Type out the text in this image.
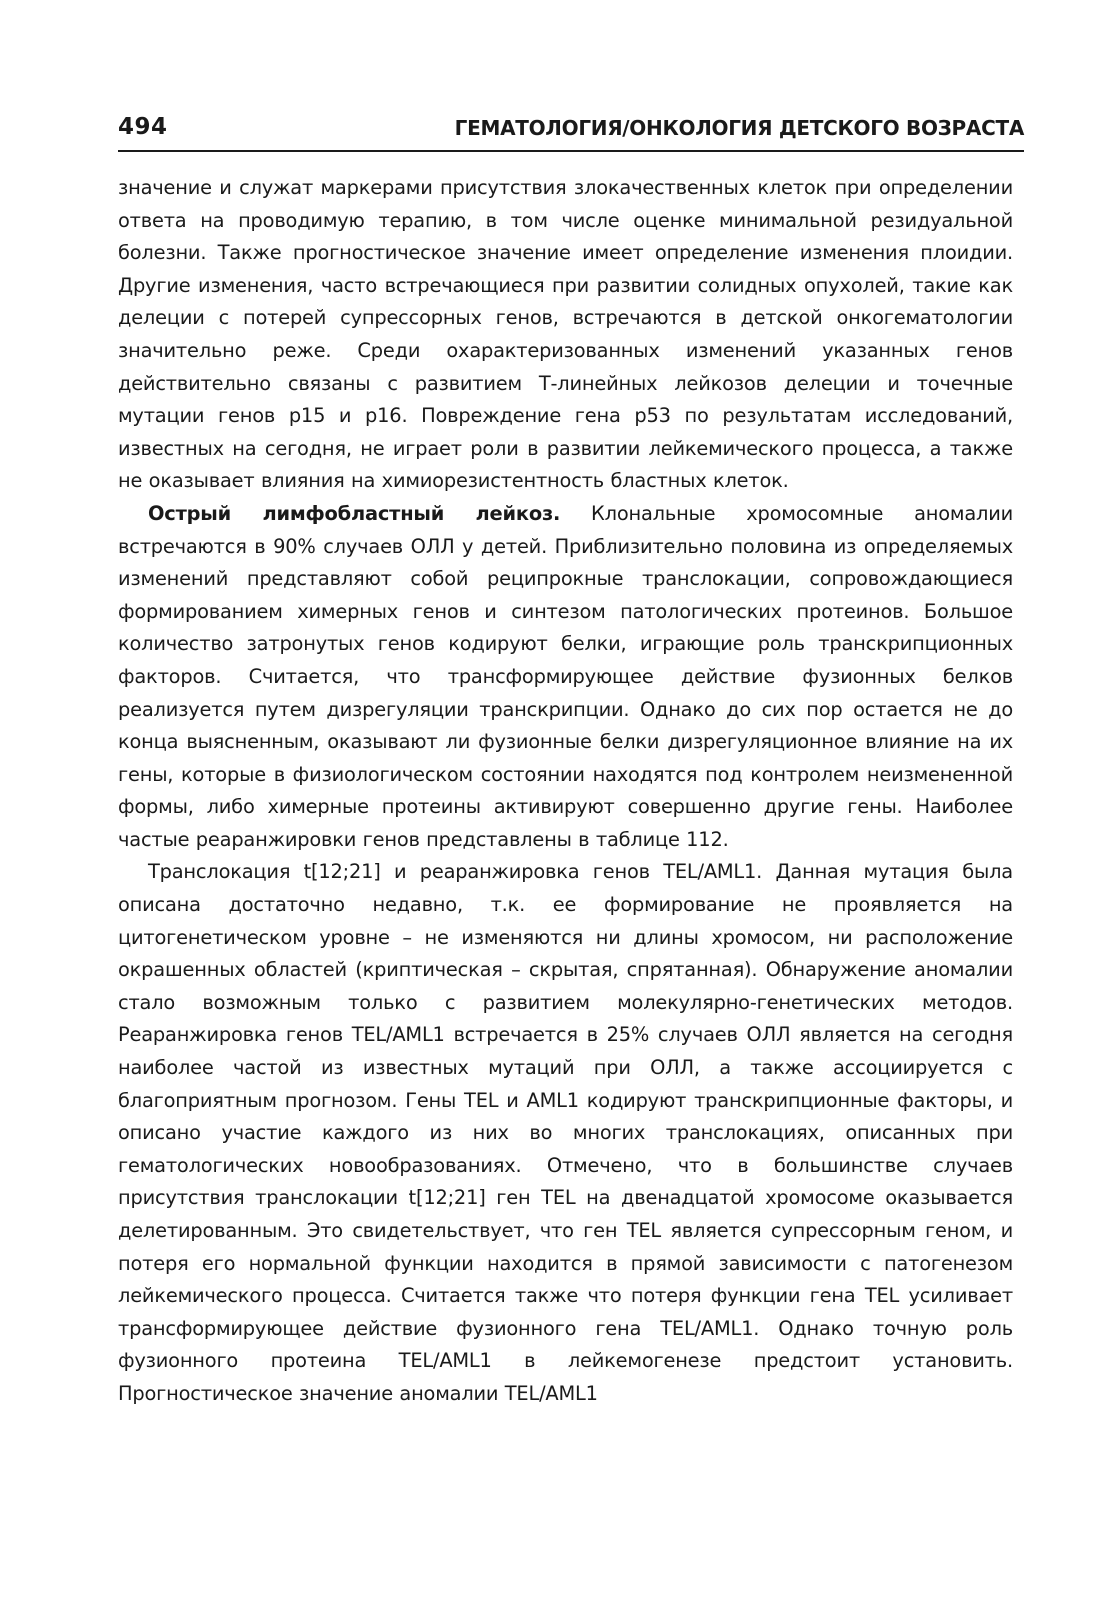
494	ГЕМАТОЛОГИЯ/ОНКОЛОГИЯ ДЕТСКОГО ВОЗРАСТА

значение и служат маркерами присутствия злокачественных клеток при определении ответа на проводимую терапию, в том числе оценке минимальной резидуальной болезни. Также прогностическое значение имеет определение изменения плоидии. Другие изменения, часто встречающиеся при развитии солидных опухолей, такие как делеции с потерей супрессорных генов, встречаются в детской онкогематологии значительно реже. Среди охарактеризованных изменений указанных генов действительно связаны с развитием Т-линейных лейкозов делеции и точечные мутации генов p15 и p16. Повреждение гена p53 по результатам исследований, известных на сегодня, не играет роли в развитии лейкемического процесса, а также не оказывает влияния на химиорезистентность бластных клеток.

Острый лимфобластный лейкоз. Клональные хромосомные аномалии встречаются в 90% случаев ОЛЛ у детей. Приблизительно половина из определяемых изменений представляют собой реципрокные транслокации, сопровождающиеся формированием химерных генов и синтезом патологических протеинов. Большое количество затронутых генов кодируют белки, играющие роль транскрипционных факторов. Считается, что трансформирующее действие фузионных белков реализуется путем дизрегуляции транскрипции. Однако до сих пор остается не до конца выясненным, оказывают ли фузионные белки дизрегуляционное влияние на их гены, которые в физиологическом состоянии находятся под контролем неизмененной формы, либо химерные протеины активируют совершенно другие гены. Наиболее частые реаранжировки генов представлены в таблице 112.

Транслокация t[12;21] и реаранжировка генов TEL/AML1. Данная мутация была описана достаточно недавно, т.к. ее формирование не проявляется на цитогенетическом уровне – не изменяются ни длины хромосом, ни расположение окрашенных областей (криптическая – скрытая, спрятанная). Обнаружение аномалии стало возможным только с развитием молекулярно-генетических методов. Реаранжировка генов TEL/AML1 встречается в 25% случаев ОЛЛ является на сегодня наиболее частой из известных мутаций при ОЛЛ, а также ассоциируется с благоприятным прогнозом. Гены TEL и AML1 кодируют транскрипционные факторы, и описано участие каждого из них во многих транслокациях, описанных при гематологических новообразованиях. Отмечено, что в большинстве случаев присутствия транслокации t[12;21] ген TEL на двенадцатой хромосоме оказывается делетированным. Это свидетельствует, что ген TEL является супрессорным геном, и потеря его нормальной функции находится в прямой зависимости с патогенезом лейкемического процесса. Считается также что потеря функции гена TEL усиливает трансформирующее действие фузионного гена TEL/AML1. Однако точную роль фузионного протеина TEL/AML1 в лейкемогенезе предстоит установить. Прогностическое значение аномалии TEL/AML1
